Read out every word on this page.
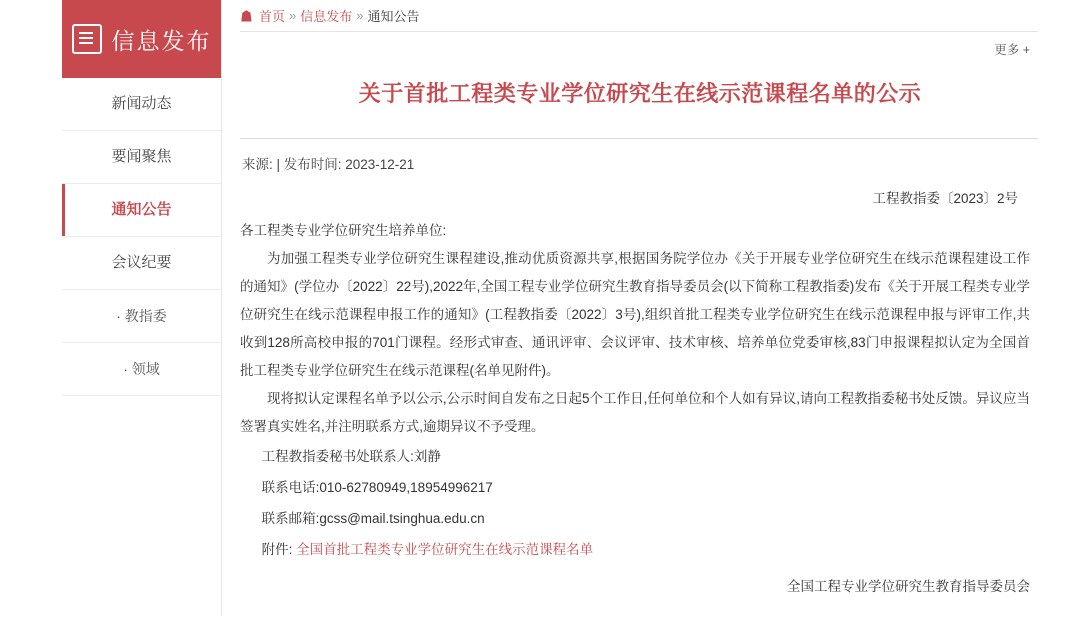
信息发布
新闻动态
要闻聚焦
通知公告
会议纪要
· 教指委
· 领域
☗ 首页 » 信息发布 » 通知公告
更多 +
关于首批工程类专业学位研究生在线示范课程名单的公示
来源: | 发布时间: 2023-12-21
工程教指委〔2023〕2号

各工程类专业学位研究生培养单位:

为加强工程类专业学位研究生课程建设,推动优质资源共享,根据国务院学位办《关于开展专业学位研究生在线示范课程建设工作的通知》(学位办〔2022〕22号),2022年,全国工程专业学位研究生教育指导委员会(以下简称工程教指委)发布《关于开展工程类专业学位研究生在线示范课程申报工作的通知》(工程教指委〔2022〕3号),组织首批工程类专业学位研究生在线示范课程申报与评审工作,共收到128所高校申报的701门课程。经形式审查、通讯评审、会议评审、技术审核、培养单位党委审核,83门申报课程拟认定为全国首批工程类专业学位研究生在线示范课程(名单见附件)。

现将拟认定课程名单予以公示,公示时间自发布之日起5个工作日,任何单位和个人如有异议,请向工程教指委秘书处反馈。异议应当签署真实姓名,并注明联系方式,逾期异议不予受理。

工程教指委秘书处联系人:刘静

联系电话:010-62780949,18954996217

联系邮箱:gcss@mail.tsinghua.edu.cn

附件: 全国首批工程类专业学位研究生在线示范课程名单

全国工程专业学位研究生教育指导委员会
